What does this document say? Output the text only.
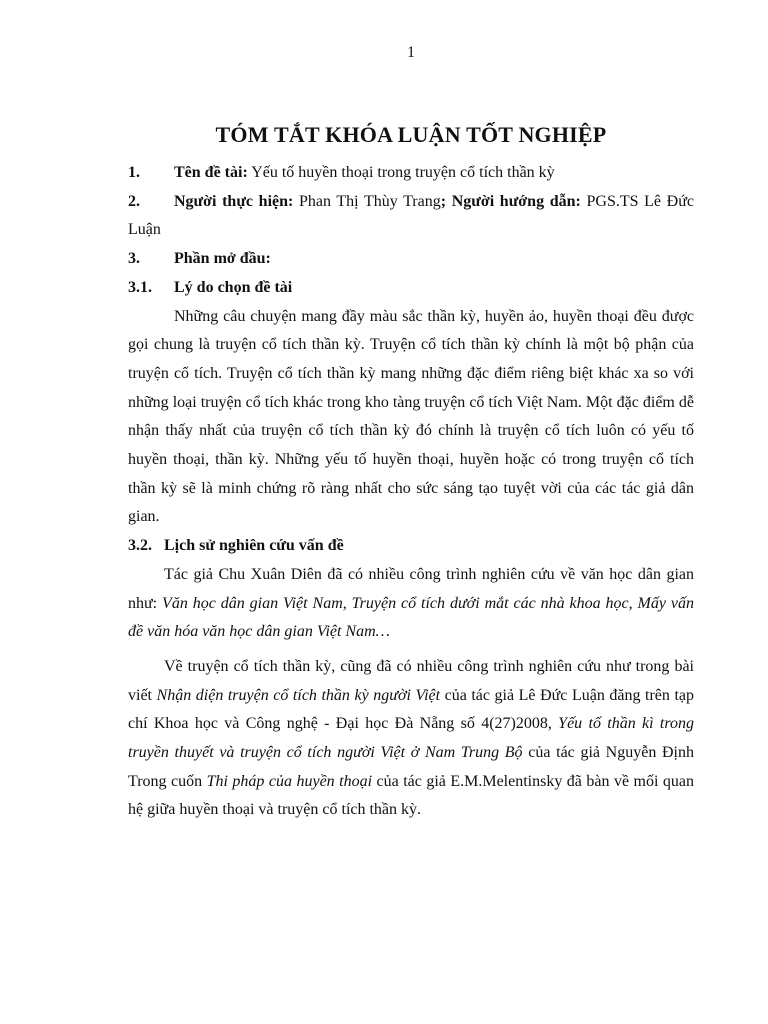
1
TÓM TẮT KHÓA LUẬN TỐT NGHIỆP

1. Tên đề tài: Yếu tố huyền thoại trong truyện cổ tích thần kỳ

2. Người thực hiện: Phan Thị Thùy Trang; Người hướng dẫn: PGS.TS Lê Đức Luận

3. Phần mở đầu:

3.1. Lý do chọn đề tài

Những câu chuyện mang đầy màu sắc thần kỳ, huyền ảo, huyền thoại đều được gọi chung là truyện cổ tích thần kỳ. Truyện cổ tích thần kỳ chính là một bộ phận của truyện cổ tích. Truyện cổ tích thần kỳ mang những đặc điểm riêng biệt khác xa so với những loại truyện cổ tích khác trong kho tàng truyện cổ tích Việt Nam. Một đặc điểm dễ nhận thấy nhất của truyện cổ tích thần kỳ đó chính là truyện cổ tích luôn có yếu tố huyền thoại, thần kỳ. Những yếu tố huyền thoại, huyền hoặc có trong truyện cổ tích thần kỳ sẽ là minh chứng rõ ràng nhất cho sức sáng tạo tuyệt vời của các tác giả dân gian.

3.2. Lịch sử nghiên cứu vấn đề

Tác giả Chu Xuân Diên đã có nhiều công trình nghiên cứu về văn học dân gian như: Văn học dân gian Việt Nam, Truyện cổ tích dưới mắt các nhà khoa học, Mấy vấn đề văn hóa văn học dân gian Việt Nam…

Về truyện cổ tích thần kỳ, cũng đã có nhiều công trình nghiên cứu như trong bài viết Nhận diện truyện cổ tích thần kỳ người Việt của tác giả Lê Đức Luận đăng trên tạp chí Khoa học và Công nghệ - Đại học Đà Nẵng số 4(27)2008, Yếu tố thần kì trong truyền thuyết và truyện cổ tích người Việt ở Nam Trung Bộ của tác giả Nguyễn Định Trong cuốn Thi pháp của huyền thoại của tác giả E.M.Melentinsky đã bàn về mối quan hệ giữa huyền thoại và truyện cổ tích thần kỳ.
